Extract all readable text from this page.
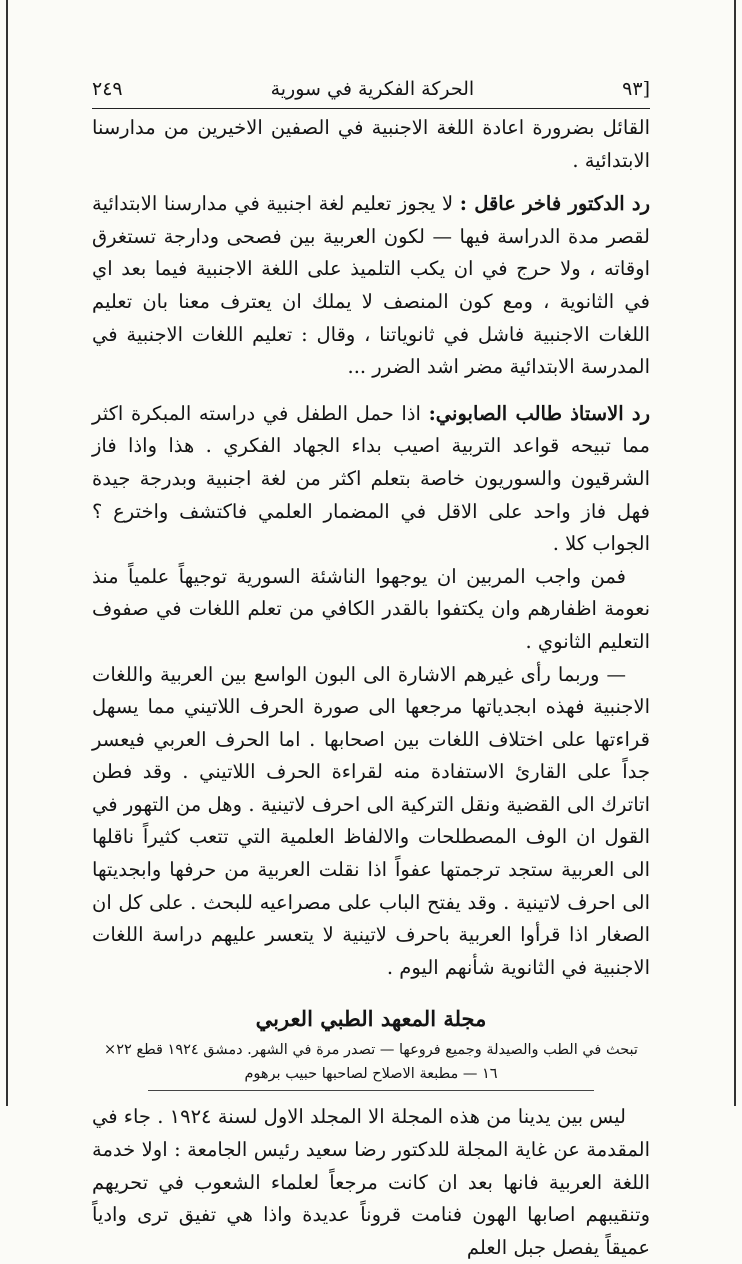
٢٤٩	الحركة الفكرية في سورية	٩٣]

القائل بضرورة اعادة اللغة الاجنبية في الصفين الاخيرين من مدارسنا الابتدائية .

رد الدكتور فاخر عاقل : لا يجوز تعليم لغة اجنبية في مدارسنا الابتدائية لقصر مدة الدراسة فيها — لكون العربية بين فصحى ودارجة تستغرق اوقاته ، ولا حرج في ان يكب التلميذ على اللغة الاجنبية فيما بعد اي في الثانوية ، ومع كون المنصف لا يملك ان يعترف معنا بان تعليم اللغات الاجنبية فاشل في ثانوياتنا ، وقال : تعليم اللغات الاجنبية في المدرسة الابتدائية مضر اشد الضرر ...

رد الاستاذ طالب الصابوني: اذا حمل الطفل في دراسته المبكرة اكثر مما تبيحه قواعد التربية اصيب بداء الجهاد الفكري . هذا واذا فاز الشرقيون والسوريون خاصة بتعلم اكثر من لغة اجنبية وبدرجة جيدة فهل فاز واحد على الاقل في المضمار العلمي فاكتشف واخترع ؟ الجواب كلا .

فمن واجب المربين ان يوجهوا الناشئة السورية توجيهاً علمياً منذ نعومة اظفارهم وان يكتفوا بالقدر الكافي من تعلم اللغات في صفوف التعليم الثانوي .

— وربما رأى غيرهم الاشارة الى البون الواسع بين العربية واللغات الاجنبية فهذه ابجدياتها مرجعها الى صورة الحرف اللاتيني مما يسهل قراءتها على اختلاف اللغات بين اصحابها . اما الحرف العربي فيعسر جداً على القارئ الاستفادة منه لقراءة الحرف اللاتيني . وقد فطن اتاترك الى القضية ونقل التركية الى احرف لاتينية . وهل من التهور في القول ان الوف المصطلحات والالفاظ العلمية التي تتعب كثيراً ناقلها الى العربية ستجد ترجمتها عفواً اذا نقلت العربية من حرفها وابجديتها الى احرف لاتينية . وقد يفتح الباب على مصراعيه للبحث . على كل ان الصغار اذا قرأوا العربية باحرف لاتينية لا يتعسر عليهم دراسة اللغات الاجنبية في الثانوية شأنهم اليوم .

مجلة المعهد الطبي العربي

تبحث في الطب والصيدلة وجميع فروعها — تصدر مرة في الشهر. دمشق ١٩٢٤ قطع ٢٢×

١٦ — مطبعة الاصلاح لصاحبها حبيب برهوم

ليس بين يدينا من هذه المجلة الا المجلد الاول لسنة ١٩٢٤ . جاء في المقدمة عن غاية المجلة للدكتور رضا سعيد رئيس الجامعة : اولا خدمة اللغة العربية فانها بعد ان كانت مرجعاً لعلماء الشعوب في تحريهم وتنقيبهم اصابها الهون فنامت قروناً عديدة واذا هي تفيق ترى وادياً عميقاً يفصل جبل العلم
